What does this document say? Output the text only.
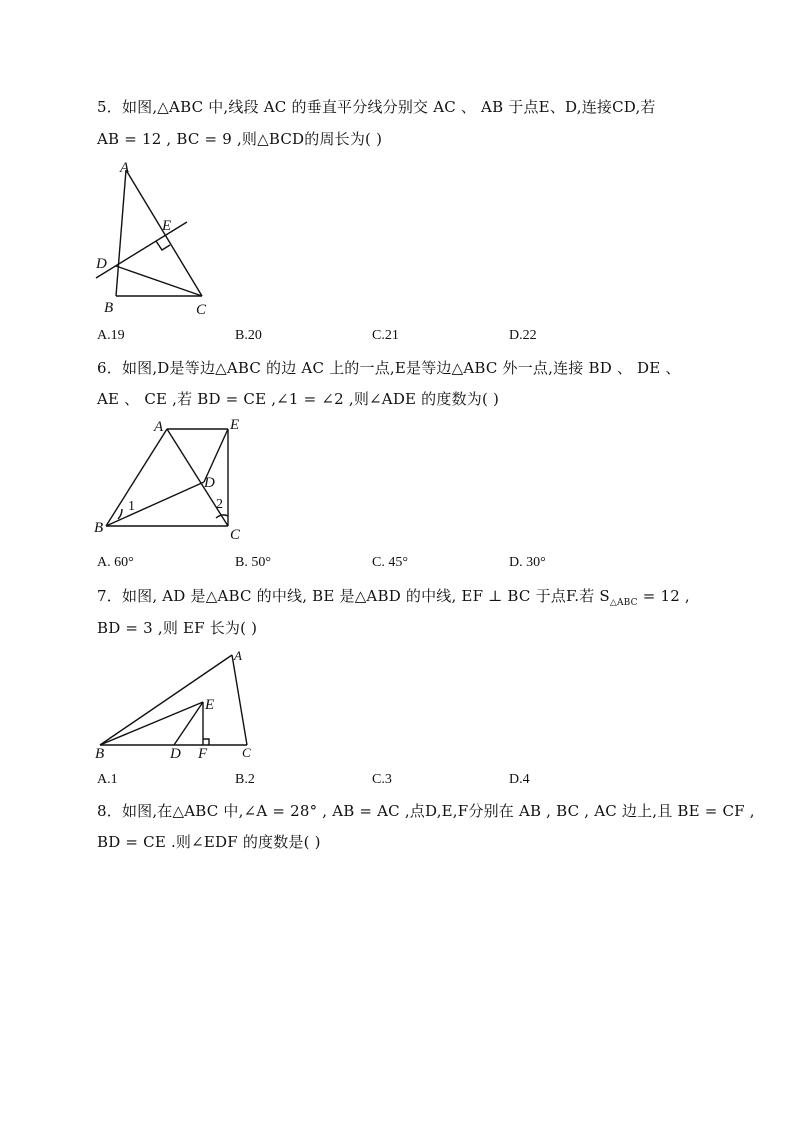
5．如图,△ABC 中,线段 AC 的垂直平分线分别交 AC 、 AB 于点E、D,连接CD,若
AB = 12 , BC = 9 ,则△BCD的周长为( )
A
E
D
B	C
A.19	B.20	C.21	D.22
6．如图,D是等边△ABC 的边 AC 上的一点,E是等边△ABC 外一点,连接 BD 、 DE 、
AE 、 CE ,若 BD = CE ,∠1 = ∠2 ,则∠ADE 的度数为( )
A	E
D
B	C
1	2
A. 60°	B. 50°	C. 45°	D. 30°
7．如图, AD 是△ABC 的中线, BE 是△ABD 的中线, EF ⊥ BC 于点F.若 $S_{\triangle ABC} = 12$ ,
BD = 3 ,则 EF 长为( )
A
E
B	D F	C
A.1	B.2	C.3	D.4
8．如图,在△ABC 中,∠A = 28° , AB = AC ,点D,E,F分别在 AB , BC , AC 边上,且 BE = CF ,
BD = CE .则∠EDF 的度数是( )
